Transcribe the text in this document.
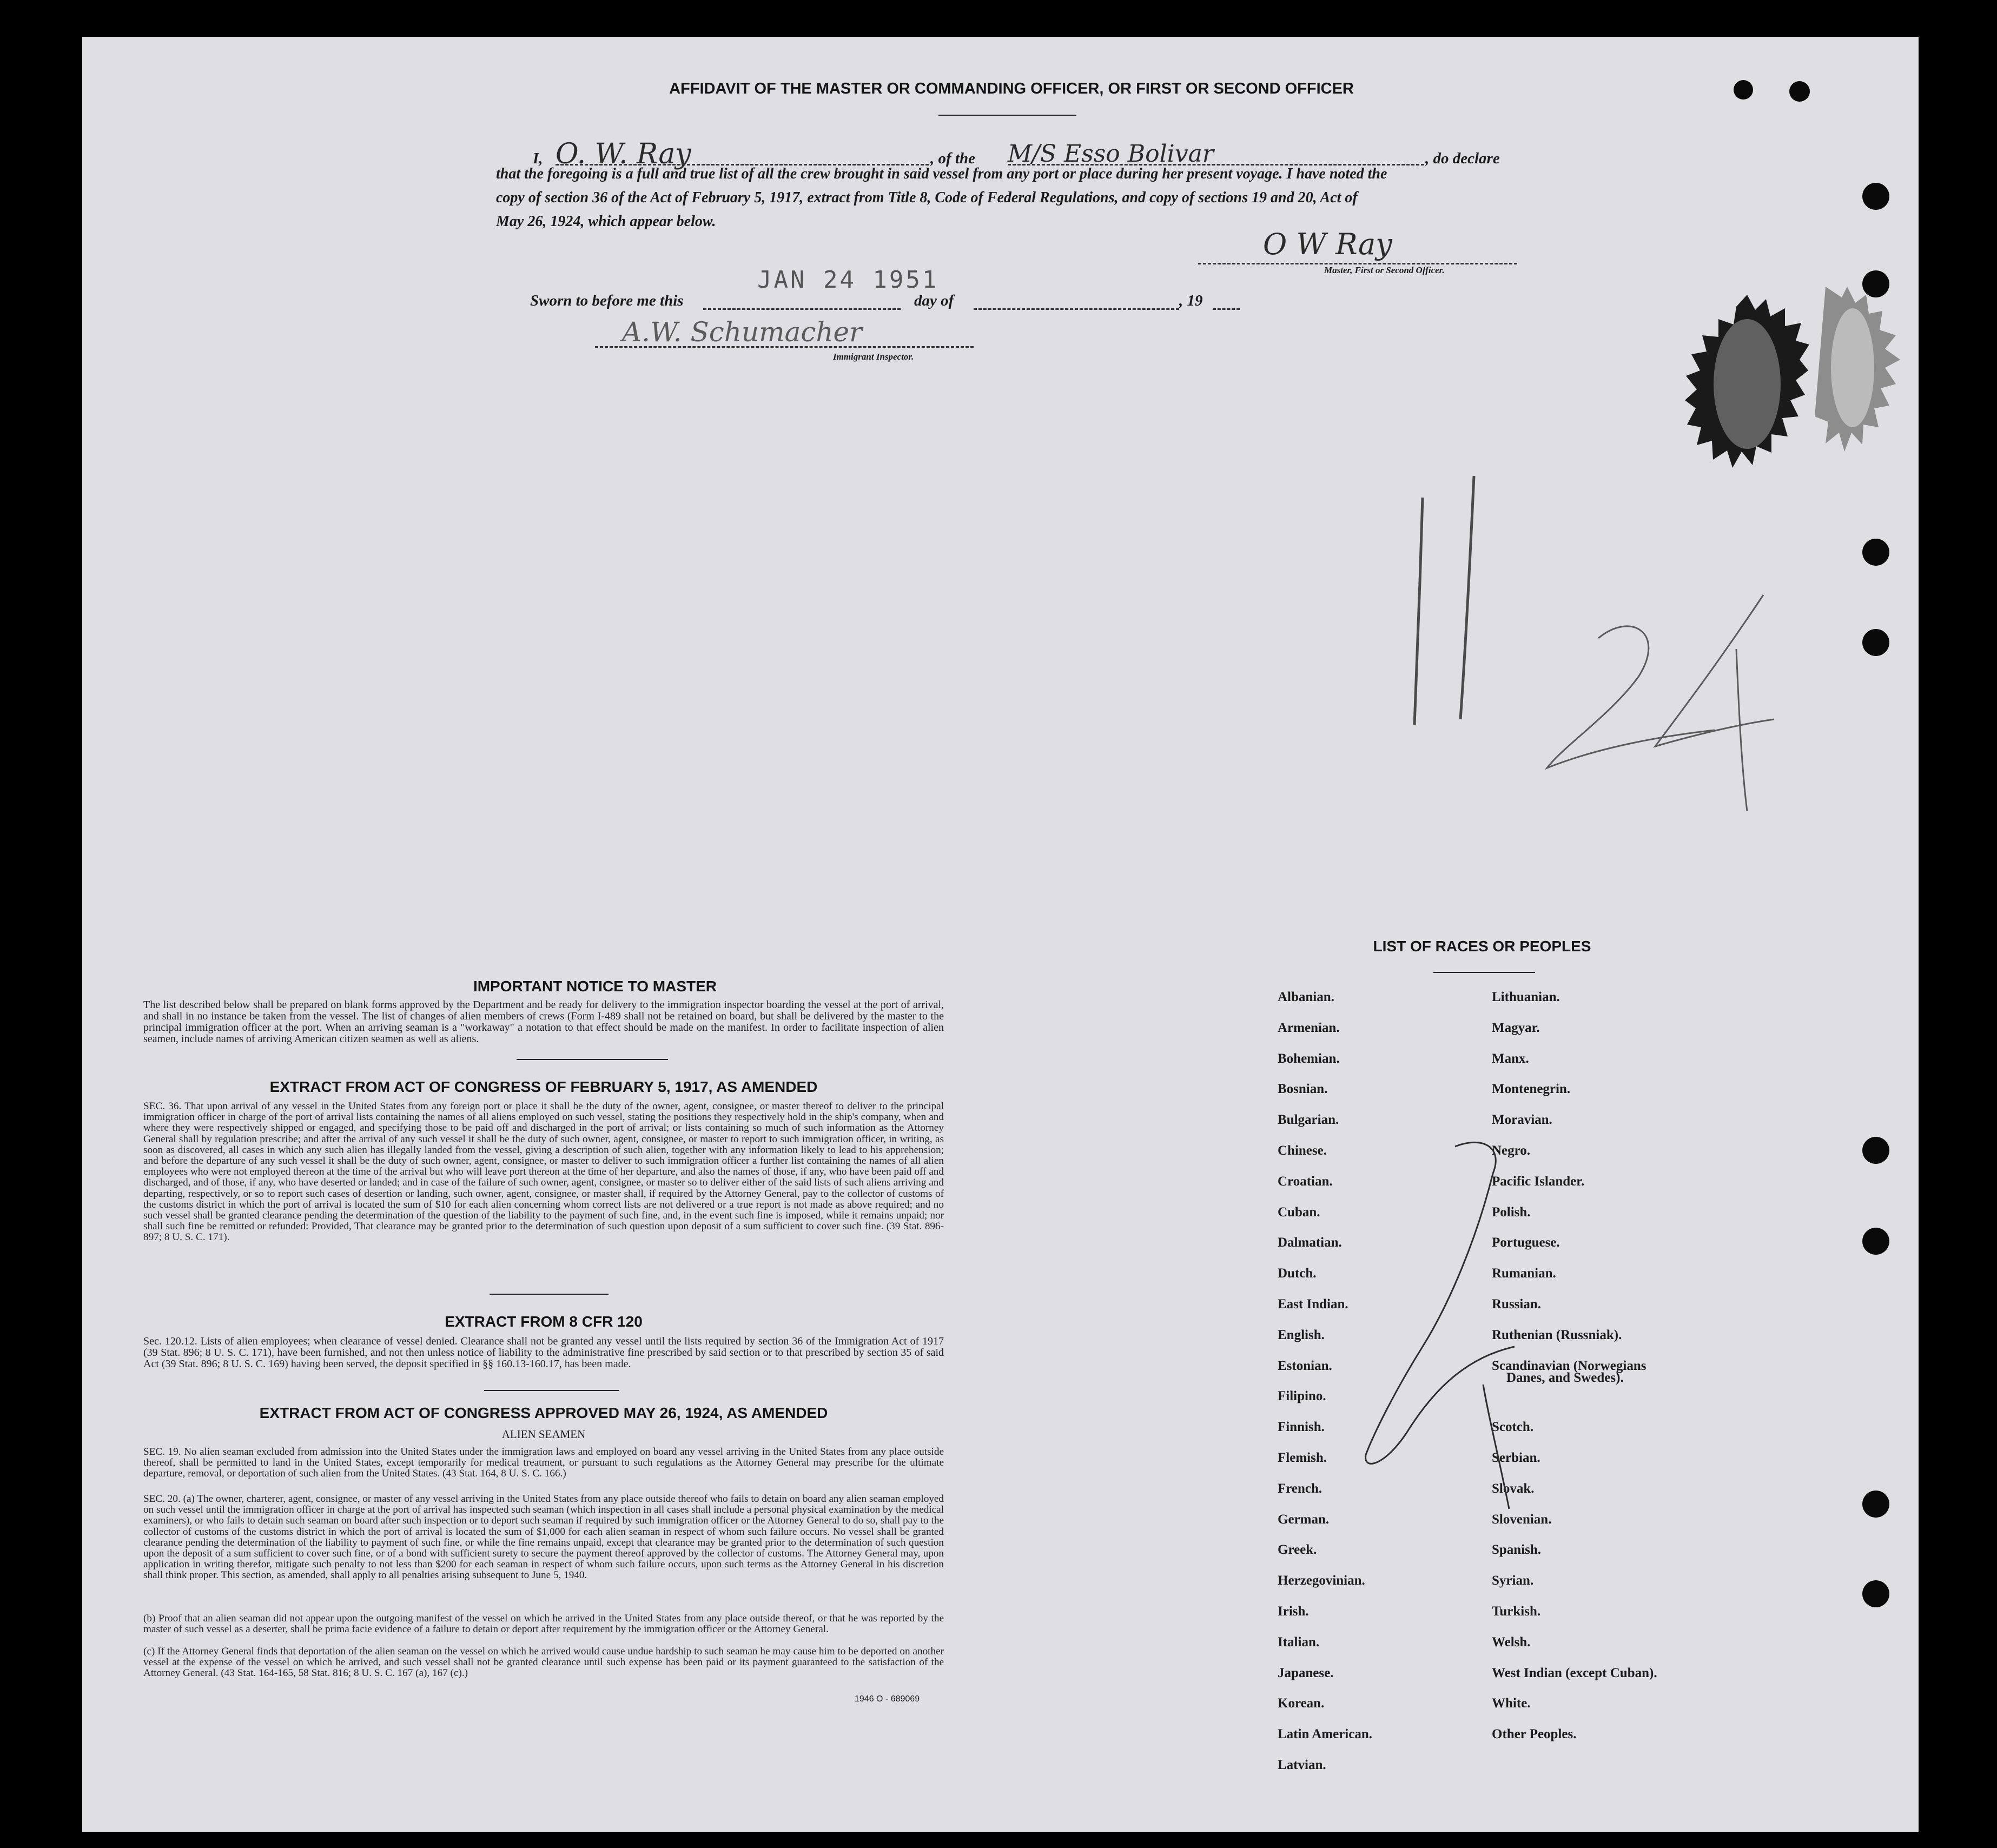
AFFIDAVIT OF THE MASTER OR COMMANDING OFFICER, OR FIRST OR SECOND OFFICER
I, O. W. Ray	, of the M/S Esso Bolivar	, do declare
that the foregoing is a full and true list of all the crew brought in said vessel from any port or place during her present voyage. I have noted the
copy of section 36 of the Act of February 5, 1917, extract from Title 8, Code of Federal Regulations, and copy of sections 19 and 20, Act of
May 26, 1924, which appear below.
O W Ray
Master, First or Second Officer.
JAN 24 1951
Sworn to before me this	day of	, 19
A.W. Schumacher
Immigrant Inspector.
IMPORTANT NOTICE TO MASTER
The list described below shall be prepared on blank forms approved by the Department and be ready for delivery to the immigration inspector boarding the vessel at the port of arrival, and shall in no instance be taken from the vessel. The list of changes of alien members of crews (Form I-489 shall not be retained on board, but shall be delivered by the master to the principal immigration officer at the port. When an arriving seaman is a "workaway" a notation to that effect should be made on the manifest. In order to facilitate inspection of alien seamen, include names of arriving American citizen seamen as well as aliens.
EXTRACT FROM ACT OF CONGRESS OF FEBRUARY 5, 1917, AS AMENDED
SEC. 36. That upon arrival of any vessel in the United States from any foreign port or place it shall be the duty of the owner, agent, consignee, or master thereof to deliver to the principal immigration officer in charge of the port of arrival lists containing the names of all aliens employed on such vessel, stating the positions they respectively hold in the ship's company, when and where they were respectively shipped or engaged, and specifying those to be paid off and discharged in the port of arrival; or lists containing so much of such information as the Attorney General shall by regulation prescribe; and after the arrival of any such vessel it shall be the duty of such owner, agent, consignee, or master to report to such immigration officer, in writing, as soon as discovered, all cases in which any such alien has illegally landed from the vessel, giving a description of such alien, together with any information likely to lead to his apprehension; and before the departure of any such vessel it shall be the duty of such owner, agent, consignee, or master to deliver to such immigration officer a further list containing the names of all alien employees who were not employed thereon at the time of the arrival but who will leave port thereon at the time of her departure, and also the names of those, if any, who have been paid off and discharged, and of those, if any, who have deserted or landed; and in case of the failure of such owner, agent, consignee, or master so to deliver either of the said lists of such aliens arriving and departing, respectively, or so to report such cases of desertion or landing, such owner, agent, consignee, or master shall, if required by the Attorney General, pay to the collector of customs of the customs district in which the port of arrival is located the sum of $10 for each alien concerning whom correct lists are not delivered or a true report is not made as above required; and no such vessel shall be granted clearance pending the determination of the question of the liability to the payment of such fine, and, in the event such fine is imposed, while it remains unpaid; nor shall such fine be remitted or refunded: Provided, That clearance may be granted prior to the determination of such question upon deposit of a sum sufficient to cover such fine. (39 Stat. 896-897; 8 U. S. C. 171).
EXTRACT FROM 8 CFR 120
Sec. 120.12. Lists of alien employees; when clearance of vessel denied. Clearance shall not be granted any vessel until the lists required by section 36 of the Immigration Act of 1917 (39 Stat. 896; 8 U. S. C. 171), have been furnished, and not then unless notice of liability to the administrative fine prescribed by said section or to that prescribed by section 35 of said Act (39 Stat. 896; 8 U. S. C. 169) having been served, the deposit specified in §§ 160.13-160.17, has been made.
EXTRACT FROM ACT OF CONGRESS APPROVED MAY 26, 1924, AS AMENDED
ALIEN SEAMEN
SEC. 19. No alien seaman excluded from admission into the United States under the immigration laws and employed on board any vessel arriving in the United States from any place outside thereof, shall be permitted to land in the United States, except temporarily for medical treatment, or pursuant to such regulations as the Attorney General may prescribe for the ultimate departure, removal, or deportation of such alien from the United States. (43 Stat. 164, 8 U. S. C. 166.)
SEC. 20. (a) The owner, charterer, agent, consignee, or master of any vessel arriving in the United States from any place outside thereof who fails to detain on board any alien seaman employed on such vessel until the immigration officer in charge at the port of arrival has inspected such seaman (which inspection in all cases shall include a personal physical examination by the medical examiners), or who fails to detain such seaman on board after such inspection or to deport such seaman if required by such immigration officer or the Attorney General to do so, shall pay to the collector of customs of the customs district in which the port of arrival is located the sum of $1,000 for each alien seaman in respect of whom such failure occurs. No vessel shall be granted clearance pending the determination of the liability to payment of such fine, or while the fine remains unpaid, except that clearance may be granted prior to the determination of such question upon the deposit of a sum sufficient to cover such fine, or of a bond with sufficient surety to secure the payment thereof approved by the collector of customs. The Attorney General may, upon application in writing therefor, mitigate such penalty to not less than $200 for each seaman in respect of whom such failure occurs, upon such terms as the Attorney General in his discretion shall think proper. This section, as amended, shall apply to all penalties arising subsequent to June 5, 1940.
(b) Proof that an alien seaman did not appear upon the outgoing manifest of the vessel on which he arrived in the United States from any place outside thereof, or that he was reported by the master of such vessel as a deserter, shall be prima facie evidence of a failure to detain or deport after requirement by the immigration officer or the Attorney General.
(c) If the Attorney General finds that deportation of the alien seaman on the vessel on which he arrived would cause undue hardship to such seaman he may cause him to be deported on another vessel at the expense of the vessel on which he arrived, and such vessel shall not be granted clearance until such expense has been paid or its payment guaranteed to the satisfaction of the Attorney General. (43 Stat. 164-165, 58 Stat. 816; 8 U. S. C. 167 (a), 167 (c).)
1946 O - 689069
LIST OF RACES OR PEOPLES
Albanian.
Armenian.
Bohemian.
Bosnian.
Bulgarian.
Chinese.
Croatian.
Cuban.
Dalmatian.
Dutch.
East Indian.
English.
Estonian.
Filipino.
Finnish.
Flemish.
French.
German.
Greek.
Herzegovinian.
Irish.
Italian.
Japanese.
Korean.
Latin American.
Latvian.
Lithuanian.
Magyar.
Manx.
Montenegrin.
Moravian.
Negro.
Pacific Islander.
Polish.
Portuguese.
Rumanian.
Russian.
Ruthenian (Russniak).
Scandinavian (Norwegians
Scotch.
Serbian.
Slovak.
Slovenian.
Spanish.
Syrian.
Turkish.
Welsh.
West Indian (except Cuban).
White.
Other Peoples.
Danes, and Swedes).
